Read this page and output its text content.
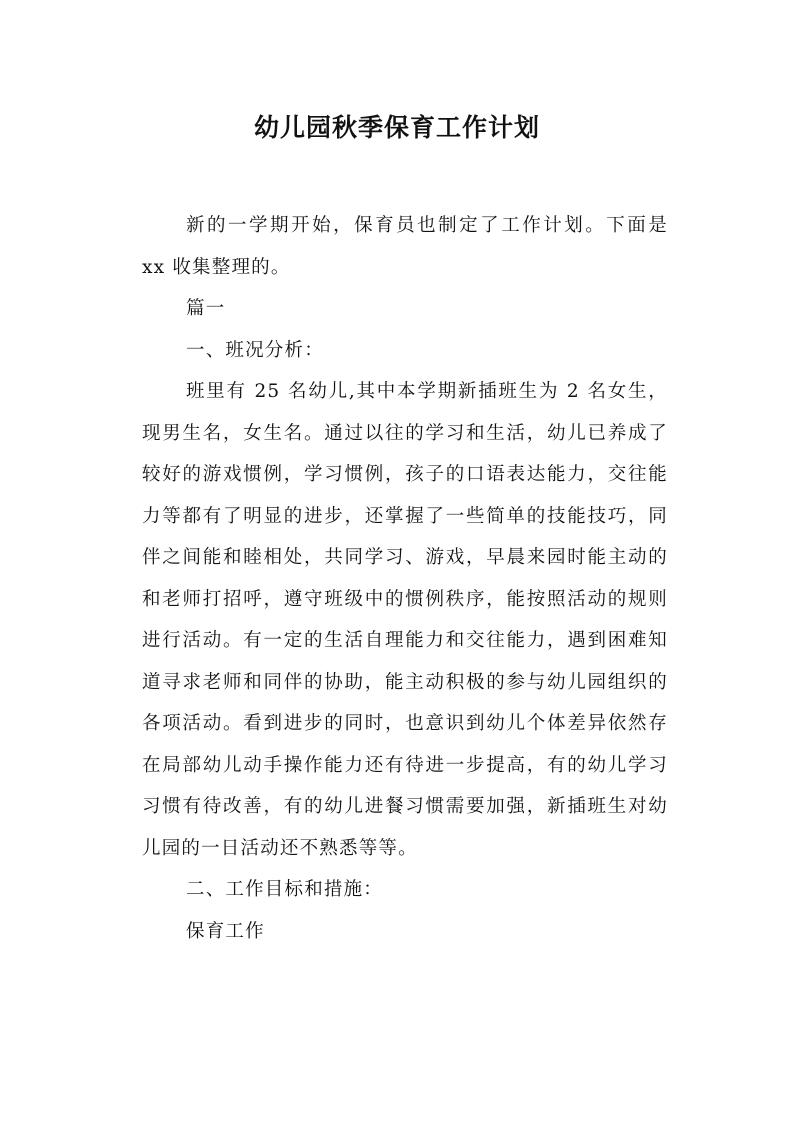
幼儿园秋季保育工作计划

新的一学期开始，保育员也制定了工作计划。下面是 xx 收集整理的。

篇一

一、班况分析：

班里有 25 名幼儿,其中本学期新插班生为 2 名女生，现男生名，女生名。通过以往的学习和生活，幼儿已养成了较好的游戏惯例，学习惯例，孩子的口语表达能力，交往能力等都有了明显的进步，还掌握了一些简单的技能技巧，同伴之间能和睦相处，共同学习、游戏，早晨来园时能主动的和老师打招呼，遵守班级中的惯例秩序，能按照活动的规则进行活动。有一定的生活自理能力和交往能力，遇到困难知道寻求老师和同伴的协助，能主动积极的参与幼儿园组织的各项活动。看到进步的同时，也意识到幼儿个体差异依然存在局部幼儿动手操作能力还有待进一步提高，有的幼儿学习习惯有待改善，有的幼儿进餐习惯需要加强，新插班生对幼儿园的一日活动还不熟悉等等。

二、工作目标和措施：

保育工作
